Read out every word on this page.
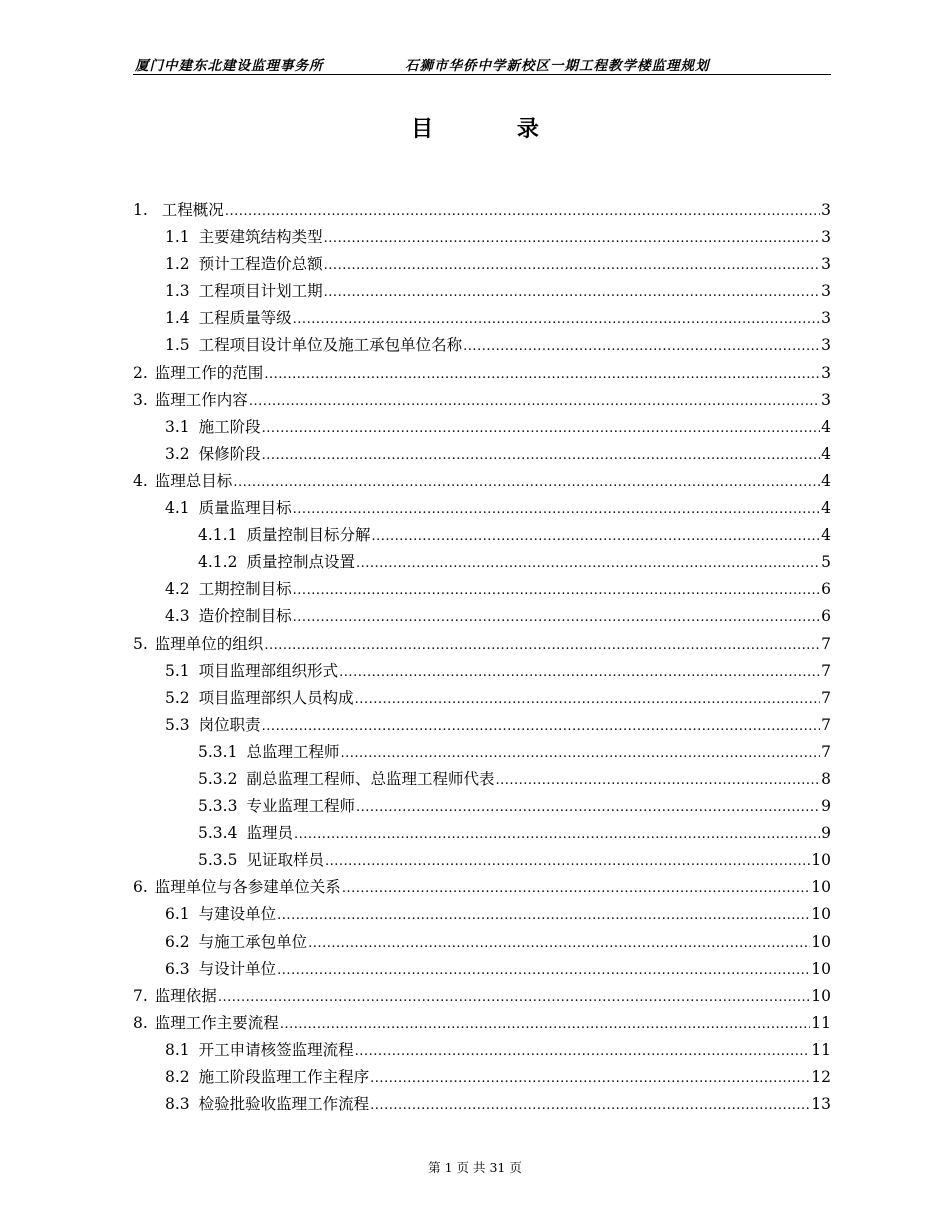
厦门中建东北建设监理事务所	石狮市华侨中学新校区一期工程教学楼监理规划
目 录
1. 工程概况 .....	3
1.1 主要建筑结构类型 .....	3
1.2 预计工程造价总额 .....	3
1.3 工程项目计划工期 .....	3
1.4 工程质量等级 .....	3
1.5 工程项目设计单位及施工承包单位名称 .....	3
2. 监理工作的范围 .....	3
3. 监理工作内容 .....	3
3.1 施工阶段 .....	4
3.2 保修阶段 .....	4
4. 监理总目标 .....	4
4.1 质量监理目标 .....	4
4.1.1 质量控制目标分解 .....	4
4.1.2 质量控制点设置 .....	5
4.2 工期控制目标 .....	6
4.3 造价控制目标 .....	6
5. 监理单位的组织 .....	7
5.1 项目监理部组织形式 .....	7
5.2 项目监理部织人员构成 .....	7
5.3 岗位职责 .....	7
5.3.1 总监理工程师 .....	7
5.3.2 副总监理工程师、总监理工程师代表 .....	8
5.3.3 专业监理工程师 .....	9
5.3.4 监理员 .....	9
5.3.5 见证取样员 .....	10
6. 监理单位与各参建单位关系 .....	10
6.1 与建设单位 .....	10
6.2 与施工承包单位 .....	10
6.3 与设计单位 .....	10
7. 监理依据 .....	10
8. 监理工作主要流程 .....	11
8.1 开工申请核签监理流程 .....	11
8.2 施工阶段监理工作主程序 .....	12
8.3 检验批验收监理工作流程 .....	13
第 1 页 共 31 页
